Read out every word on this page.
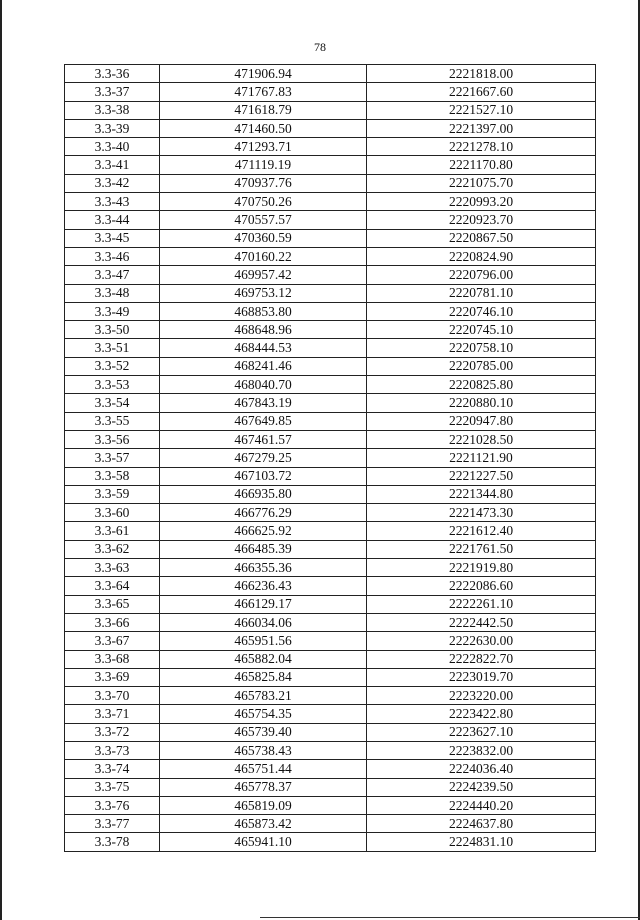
78
3.3-36	471906.94	2221818.00
3.3-37	471767.83	2221667.60
3.3-38	471618.79	2221527.10
3.3-39	471460.50	2221397.00
3.3-40	471293.71	2221278.10
3.3-41	471119.19	2221170.80
3.3-42	470937.76	2221075.70
3.3-43	470750.26	2220993.20
3.3-44	470557.57	2220923.70
3.3-45	470360.59	2220867.50
3.3-46	470160.22	2220824.90
3.3-47	469957.42	2220796.00
3.3-48	469753.12	2220781.10
3.3-49	468853.80	2220746.10
3.3-50	468648.96	2220745.10
3.3-51	468444.53	2220758.10
3.3-52	468241.46	2220785.00
3.3-53	468040.70	2220825.80
3.3-54	467843.19	2220880.10
3.3-55	467649.85	2220947.80
3.3-56	467461.57	2221028.50
3.3-57	467279.25	2221121.90
3.3-58	467103.72	2221227.50
3.3-59	466935.80	2221344.80
3.3-60	466776.29	2221473.30
3.3-61	466625.92	2221612.40
3.3-62	466485.39	2221761.50
3.3-63	466355.36	2221919.80
3.3-64	466236.43	2222086.60
3.3-65	466129.17	2222261.10
3.3-66	466034.06	2222442.50
3.3-67	465951.56	2222630.00
3.3-68	465882.04	2222822.70
3.3-69	465825.84	2223019.70
3.3-70	465783.21	2223220.00
3.3-71	465754.35	2223422.80
3.3-72	465739.40	2223627.10
3.3-73	465738.43	2223832.00
3.3-74	465751.44	2224036.40
3.3-75	465778.37	2224239.50
3.3-76	465819.09	2224440.20
3.3-77	465873.42	2224637.80
3.3-78	465941.10	2224831.10
